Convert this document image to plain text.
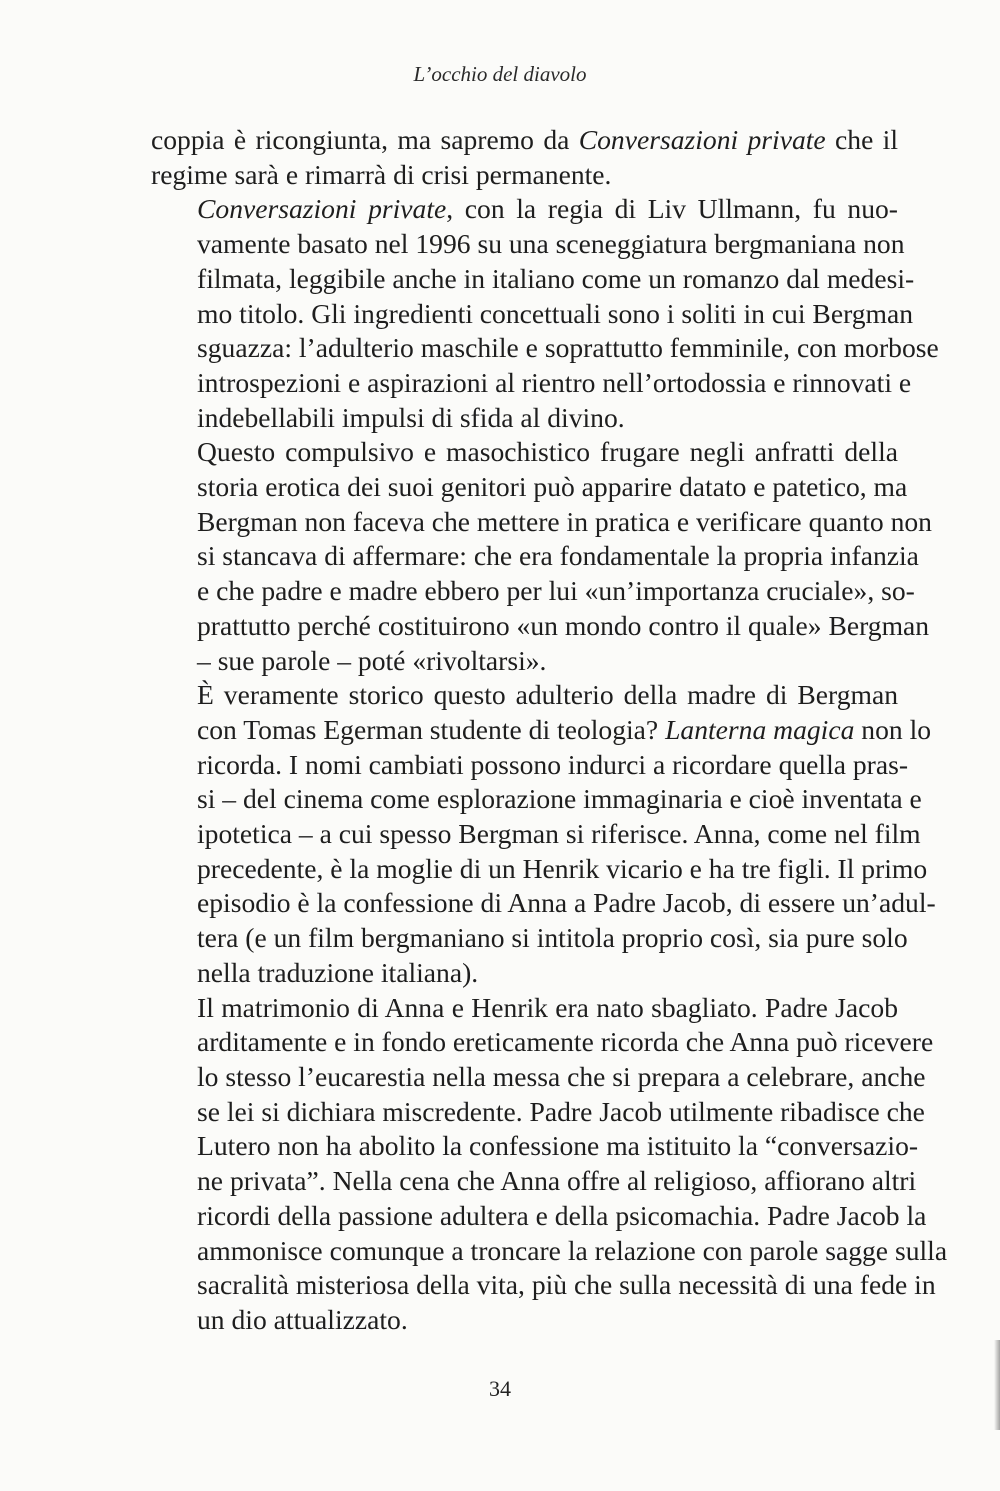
L’occhio del diavolo

coppia è ricongiunta, ma sapremo da Conversazioni private che il
regime sarà e rimarrà di crisi permanente.

Conversazioni private, con la regia di Liv Ullmann, fu nuo-
vamente basato nel 1996 su una sceneggiatura bergmaniana non
filmata, leggibile anche in italiano come un romanzo dal medesi-
mo titolo. Gli ingredienti concettuali sono i soliti in cui Bergman
sguazza: l’adulterio maschile e soprattutto femminile, con morbose
introspezioni e aspirazioni al rientro nell’ortodossia e rinnovati e
indebellabili impulsi di sfida al divino.

Questo compulsivo e masochistico frugare negli anfratti della
storia erotica dei suoi genitori può apparire datato e patetico, ma
Bergman non faceva che mettere in pratica e verificare quanto non
si stancava di affermare: che era fondamentale la propria infanzia
e che padre e madre ebbero per lui «un’importanza cruciale», so-
prattutto perché costituirono «un mondo contro il quale» Bergman
– sue parole – poté «rivoltarsi».

È veramente storico questo adulterio della madre di Bergman
con Tomas Egerman studente di teologia? Lanterna magica non lo
ricorda. I nomi cambiati possono indurci a ricordare quella pras-
si – del cinema come esplorazione immaginaria e cioè inventata e
ipotetica – a cui spesso Bergman si riferisce. Anna, come nel film
precedente, è la moglie di un Henrik vicario e ha tre figli. Il primo
episodio è la confessione di Anna a Padre Jacob, di essere un’adul-
tera (e un film bergmaniano si intitola proprio così, sia pure solo
nella traduzione italiana).

Il matrimonio di Anna e Henrik era nato sbagliato. Padre Jacob
arditamente e in fondo ereticamente ricorda che Anna può ricevere
lo stesso l’eucarestia nella messa che si prepara a celebrare, anche
se lei si dichiara miscredente. Padre Jacob utilmente ribadisce che
Lutero non ha abolito la confessione ma istituito la “conversazio-
ne privata”. Nella cena che Anna offre al religioso, affiorano altri
ricordi della passione adultera e della psicomachia. Padre Jacob la
ammonisce comunque a troncare la relazione con parole sagge sulla
sacralità misteriosa della vita, più che sulla necessità di una fede in
un dio attualizzato.

34
